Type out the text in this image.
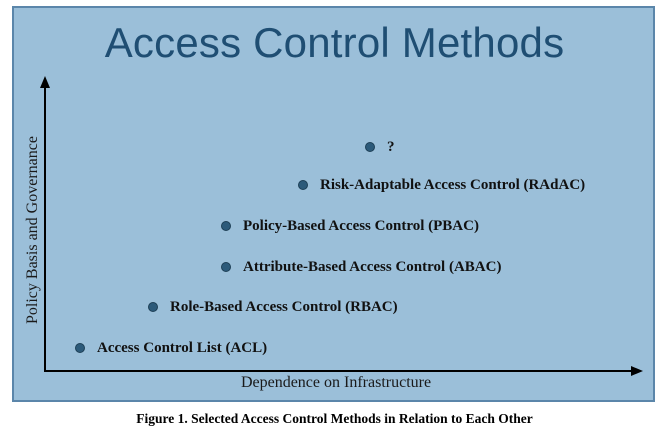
Access Control Methods
Policy Basis and Governance
Dependence on Infrastructure
?
Risk-Adaptable Access Control (RAdAC)
Policy-Based Access Control (PBAC)
Attribute-Based Access Control (ABAC)
Role-Based Access Control (RBAC)
Access Control List (ACL)
Figure 1. Selected Access Control Methods in Relation to Each Other
